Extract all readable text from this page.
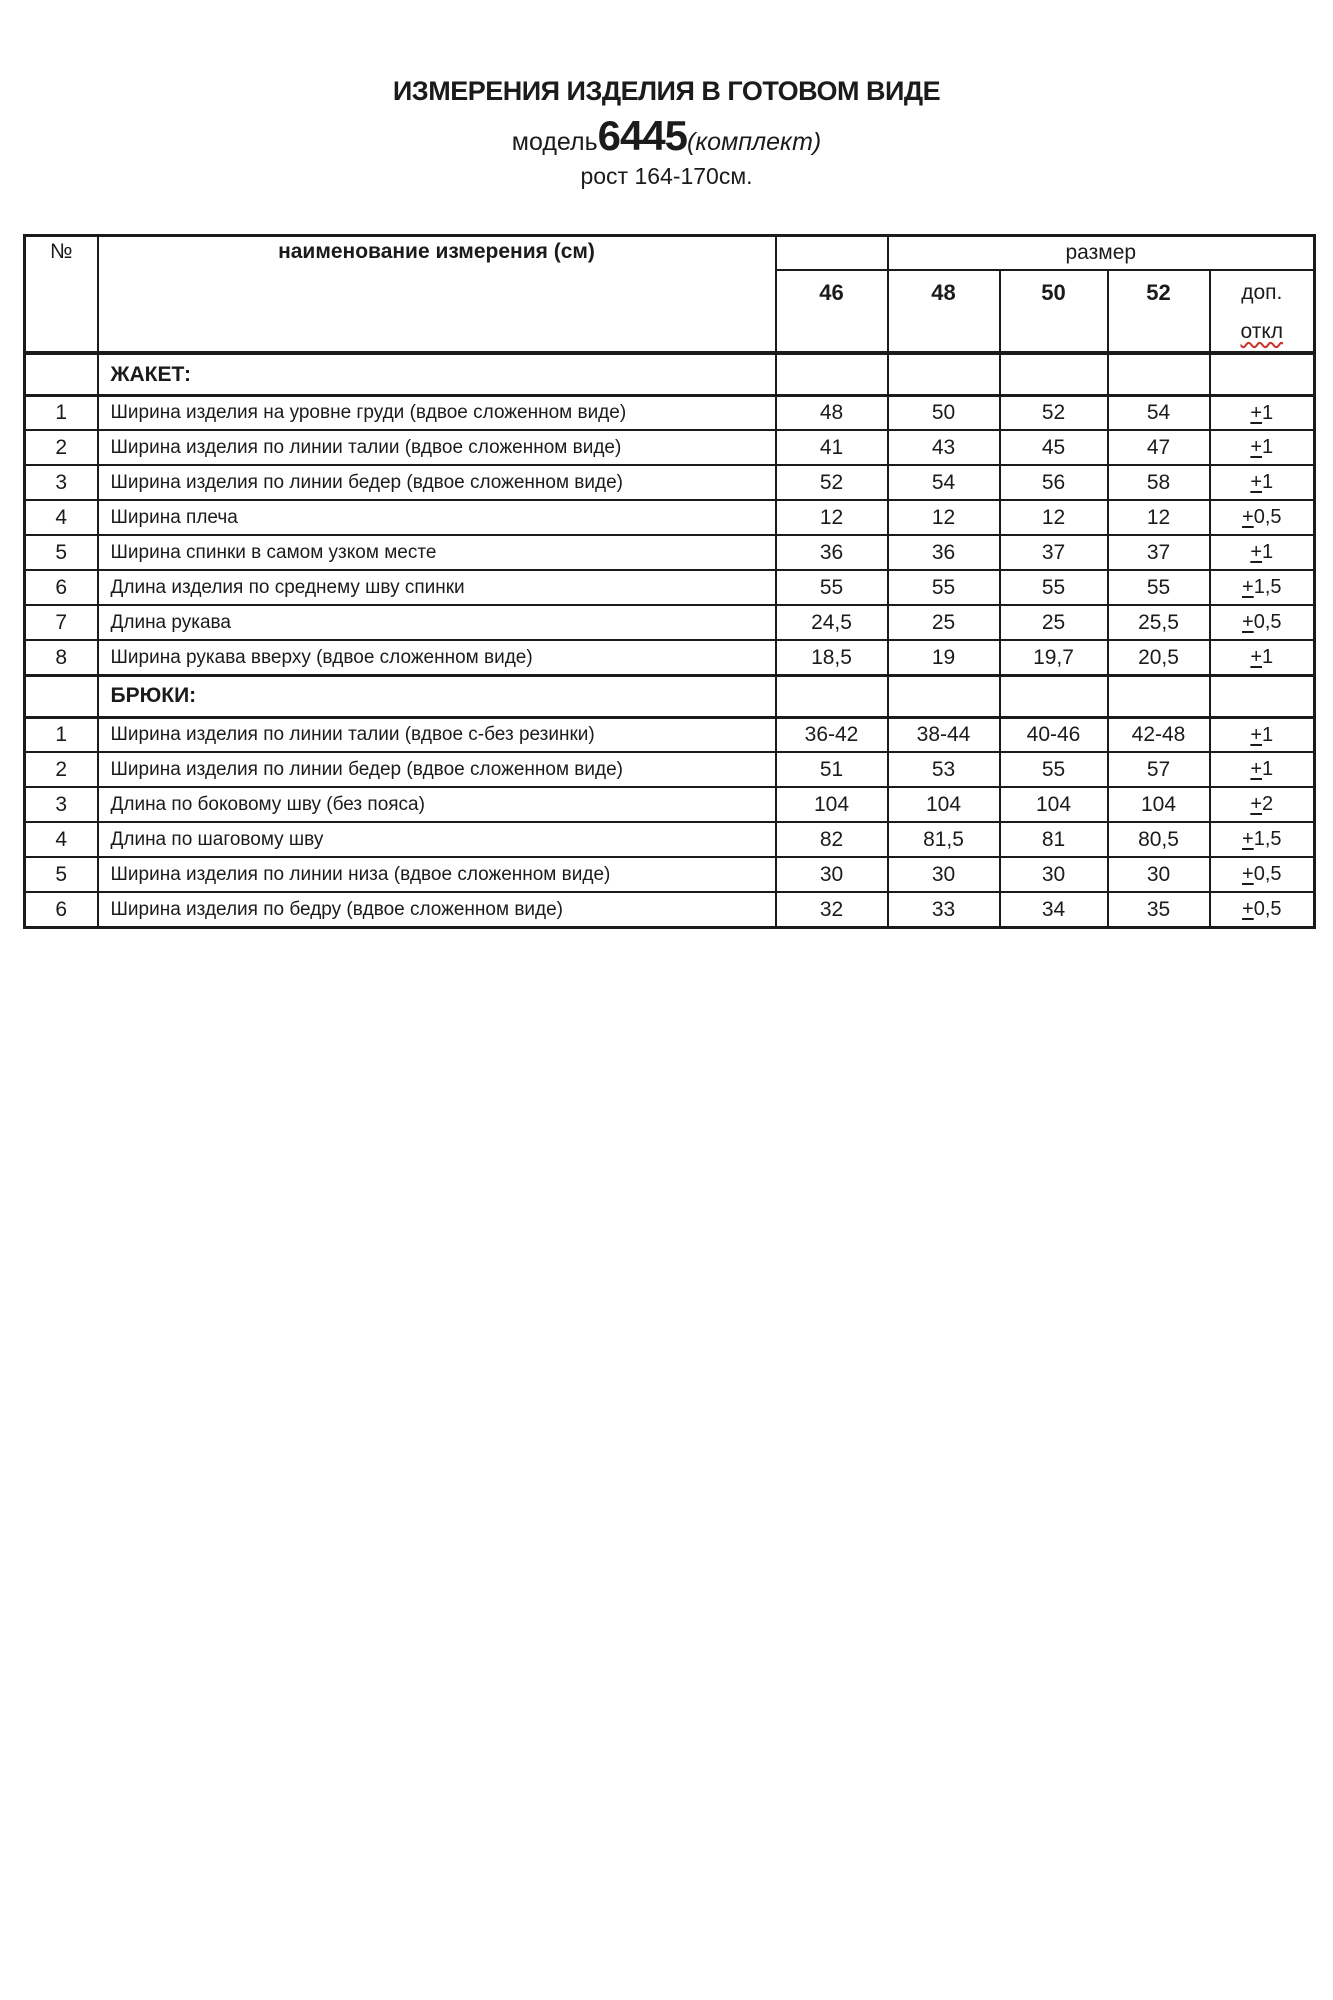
ИЗМЕРЕНИЯ ИЗДЕЛИЯ В ГОТОВОМ ВИДЕ
модель6445(комплект)
рост 164-170см.
№	наименование измерения (см)		размер			
		46	48	50	52	доп.
откл

	ЖАКЕТ:					
1	Ширина изделия на уровне груди (вдвое сложенном виде)	48	50	52	54	+1
2	Ширина изделия по линии талии (вдвое сложенном виде)	41	43	45	47	+1
3	Ширина изделия по линии бедер (вдвое сложенном виде)	52	54	56	58	+1
4	Ширина плеча	12	12	12	12	+0,5
5	Ширина спинки в самом узком месте	36	36	37	37	+1
6	Длина изделия по среднему шву спинки	55	55	55	55	+1,5
7	Длина рукава	24,5	25	25	25,5	+0,5
8	Ширина рукава вверху (вдвое сложенном виде)	18,5	19	19,7	20,5	+1
	БРЮКИ:					
1	Ширина изделия по линии талии (вдвое с-без резинки)	36-42	38-44	40-46	42-48	+1
2	Ширина изделия по линии бедер (вдвое сложенном виде)	51	53	55	57	+1
3	Длина по боковому шву (без пояса)	104	104	104	104	+2
4	Длина по шаговому шву	82	81,5	81	80,5	+1,5
5	Ширина изделия по линии низа (вдвое сложенном виде)	30	30	30	30	+0,5
6	Ширина изделия по бедру (вдвое сложенном виде)	32	33	34	35	+0,5
